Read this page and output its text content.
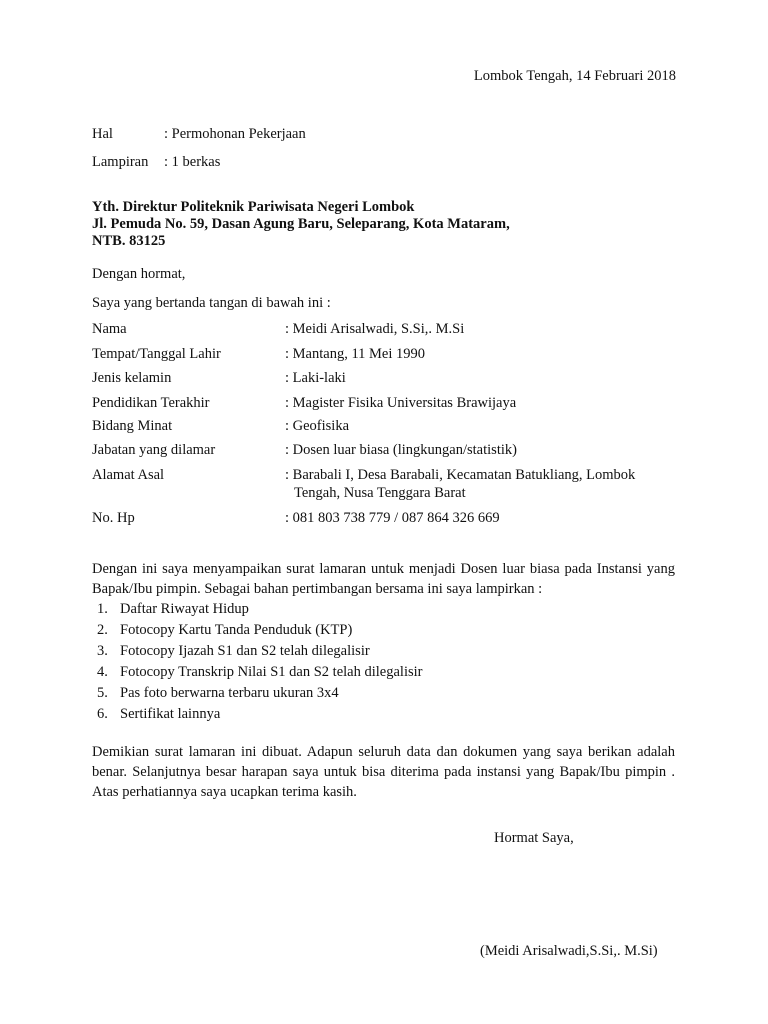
Lombok Tengah, 14 Februari 2018
Hal	: Permohonan Pekerjaan
Lampiran : 1 berkas
Yth. Direktur Politeknik Pariwisata Negeri Lombok
Jl. Pemuda No. 59, Dasan Agung Baru, Seleparang, Kota Mataram,
NTB. 83125
Dengan hormat,
Saya yang bertanda tangan di bawah ini :
Nama	: Meidi Arisalwadi, S.Si,. M.Si
Tempat/Tanggal Lahir	: Mantang, 11 Mei 1990
Jenis kelamin	: Laki-laki
Pendidikan Terakhir	: Magister Fisika Universitas Brawijaya
Bidang Minat	: Geofisika
Jabatan yang dilamar	: Dosen luar biasa (lingkungan/statistik)
Alamat Asal	: Barabali I, Desa Barabali, Kecamatan Batukliang, Lombok
Tengah, Nusa Tenggara Barat
No. Hp	: 081 803 738 779 / 087 864 326 669
Dengan ini saya menyampaikan surat lamaran untuk menjadi Dosen luar biasa pada Instansi yang Bapak/Ibu pimpin. Sebagai bahan pertimbangan bersama ini saya lampirkan :
1. Daftar Riwayat Hidup
2. Fotocopy Kartu Tanda Penduduk (KTP)
3. Fotocopy Ijazah S1 dan S2 telah dilegalisir
4. Fotocopy Transkrip Nilai S1 dan S2 telah dilegalisir
5. Pas foto berwarna terbaru ukuran 3x4
6. Sertifikat lainnya
Demikian surat lamaran ini dibuat. Adapun seluruh data dan dokumen yang saya berikan adalah benar. Selanjutnya besar harapan saya untuk bisa diterima pada instansi yang Bapak/Ibu pimpin . Atas perhatiannya saya ucapkan terima kasih.
Hormat Saya,
(Meidi Arisalwadi,S.Si,. M.Si)
